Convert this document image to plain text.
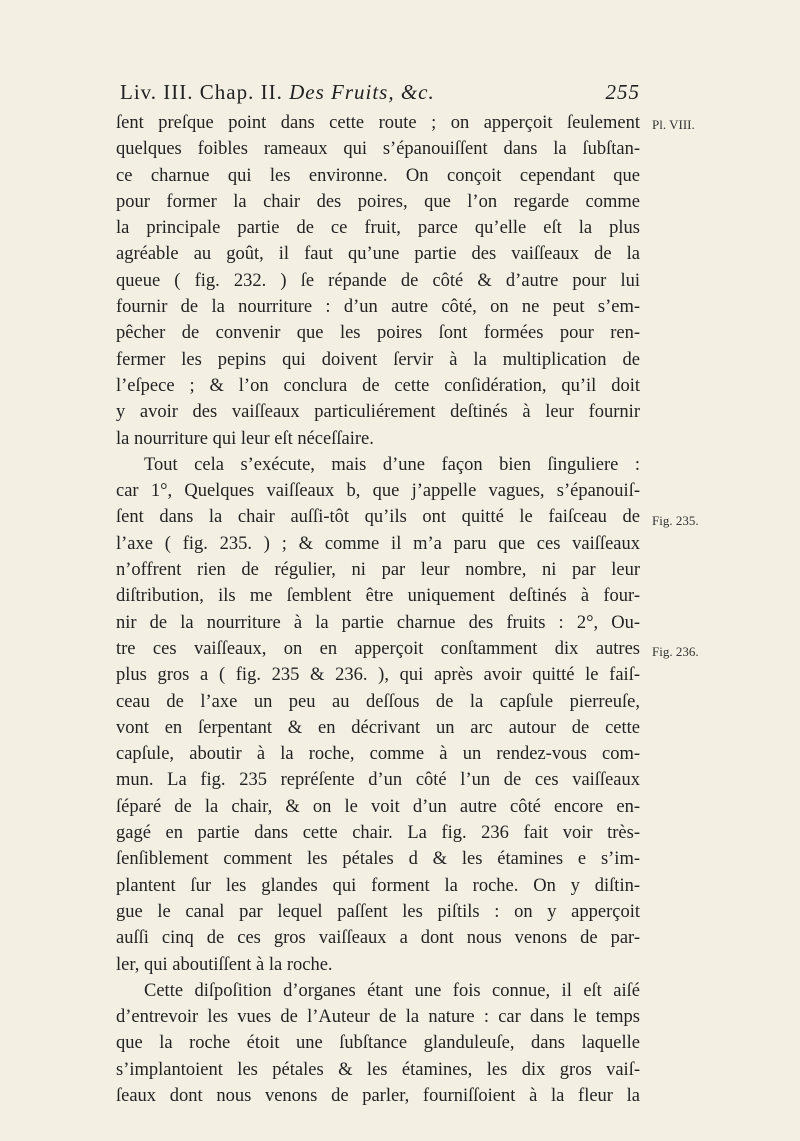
Liv. III. Chap. II. Des Fruits, &c.	255
Pl. VIII.
Fig. 235.
Fig. 236.
ſent preſque point dans cette route ; on apperçoit ſeulement
quelques foibles rameaux qui s’épanouiſſent dans la ſubſtan-
ce charnue qui les environne. On conçoit cependant que
pour former la chair des poires, que l’on regarde comme
la principale partie de ce fruit, parce qu’elle eſt la plus
agréable au goût, il faut qu’une partie des vaiſſeaux de la
queue ( fig. 232. ) ſe répande de côté & d’autre pour lui
fournir de la nourriture : d’un autre côté, on ne peut s’em-
pêcher de convenir que les poires ſont formées pour ren-
fermer les pepins qui doivent ſervir à la multiplication de
l’eſpece ; & l’on conclura de cette conſidération, qu’il doit
y avoir des vaiſſeaux particuliérement deſtinés à leur fournir
la nourriture qui leur eſt néceſſaire.
Tout cela s’exécute, mais d’une façon bien ſinguliere :
car 1°, Quelques vaiſſeaux b, que j’appelle vagues, s’épanouiſ-
ſent dans la chair auſſi-tôt qu’ils ont quitté le faiſceau de
l’axe ( fig. 235. ) ; & comme il m’a paru que ces vaiſſeaux
n’offrent rien de régulier, ni par leur nombre, ni par leur
diſtribution, ils me ſemblent être uniquement deſtinés à four-
nir de la nourriture à la partie charnue des fruits : 2°, Ou-
tre ces vaiſſeaux, on en apperçoit conſtamment dix autres
plus gros a ( fig. 235 & 236. ), qui après avoir quitté le faiſ-
ceau de l’axe un peu au deſſous de la capſule pierreuſe,
vont en ſerpentant & en décrivant un arc autour de cette
capſule, aboutir à la roche, comme à un rendez-vous com-
mun. La fig. 235 repréſente d’un côté l’un de ces vaiſſeaux
ſéparé de la chair, & on le voit d’un autre côté encore en-
gagé en partie dans cette chair. La fig. 236 fait voir très-
ſenſiblement comment les pétales d & les étamines e s’im-
plantent ſur les glandes qui forment la roche. On y diſtin-
gue le canal par lequel paſſent les piſtils : on y apperçoit
auſſi cinq de ces gros vaiſſeaux a dont nous venons de par-
ler, qui aboutiſſent à la roche.
Cette diſpoſition d’organes étant une fois connue, il eſt aiſé
d’entrevoir les vues de l’Auteur de la nature : car dans le temps
que la roche étoit une ſubſtance glanduleuſe, dans laquelle
s’implantoient les pétales & les étamines, les dix gros vaiſ-
ſeaux dont nous venons de parler, fourniſſoient à la fleur la
